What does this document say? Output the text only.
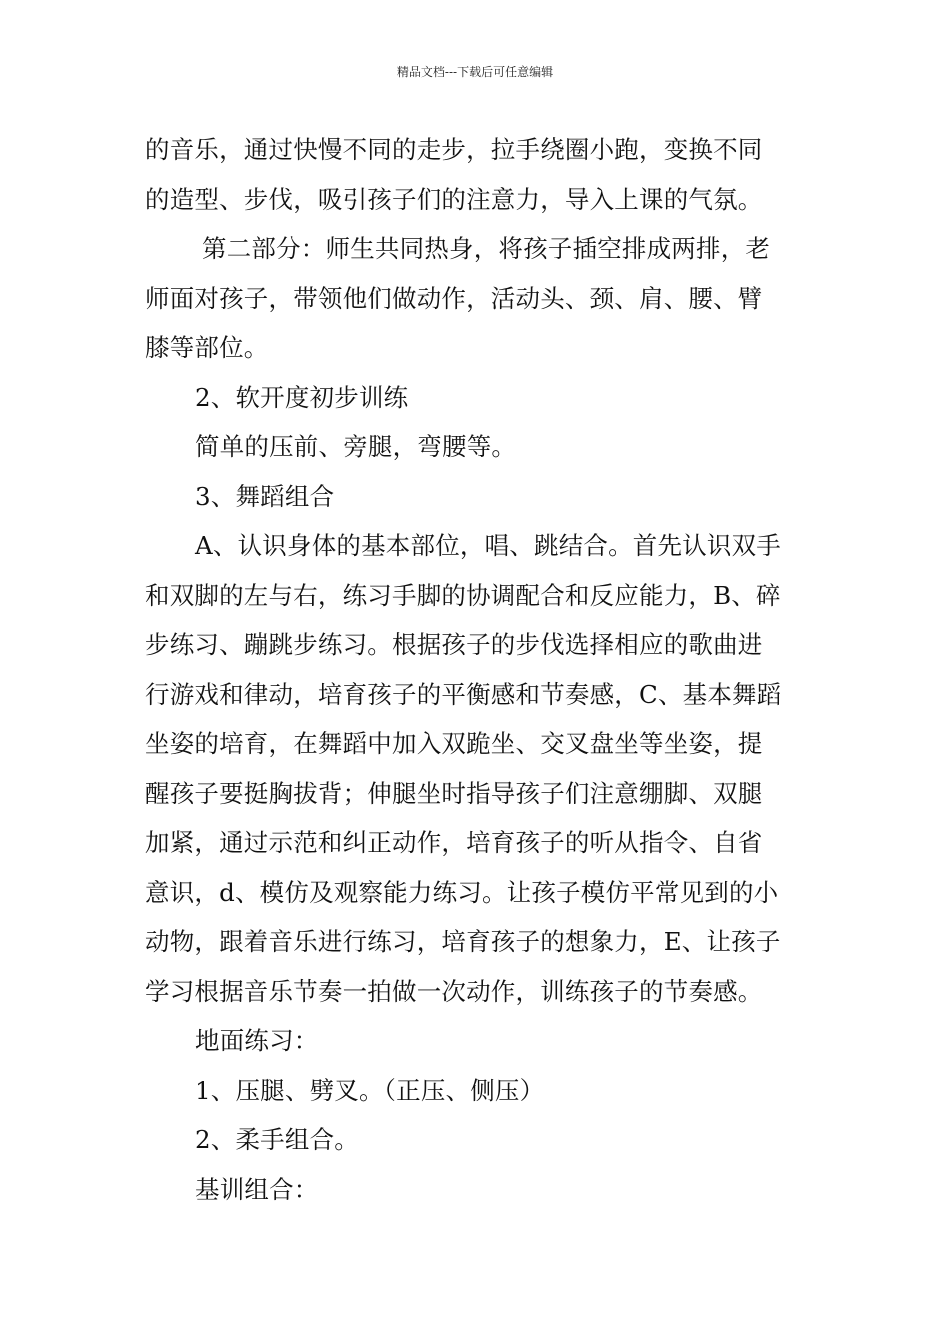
精品文档---下载后可任意编辑
的音乐，通过快慢不同的走步，拉手绕圈小跑，变换不同
的造型、步伐，吸引孩子们的注意力，导入上课的气氛。
第二部分：师生共同热身，将孩子插空排成两排，老
师面对孩子，带领他们做动作，活动头、颈、肩、腰、臂
膝等部位。
2、软开度初步训练
简单的压前、旁腿，弯腰等。
3、舞蹈组合
A、认识身体的基本部位，唱、跳结合。首先认识双手
和双脚的左与右，练习手脚的协调配合和反应能力，B、碎
步练习、蹦跳步练习。根据孩子的步伐选择相应的歌曲进
行游戏和律动，培育孩子的平衡感和节奏感，C、基本舞蹈
坐姿的培育，在舞蹈中加入双跪坐、交叉盘坐等坐姿，提
醒孩子要挺胸拔背；伸腿坐时指导孩子们注意绷脚、双腿
加紧，通过示范和纠正动作，培育孩子的听从指令、自省
意识，d、模仿及观察能力练习。让孩子模仿平常见到的小
动物，跟着音乐进行练习，培育孩子的想象力，E、让孩子
学习根据音乐节奏一拍做一次动作，训练孩子的节奏感。
地面练习：
1、压腿、劈叉。（正压、侧压）
2、柔手组合。
基训组合：
